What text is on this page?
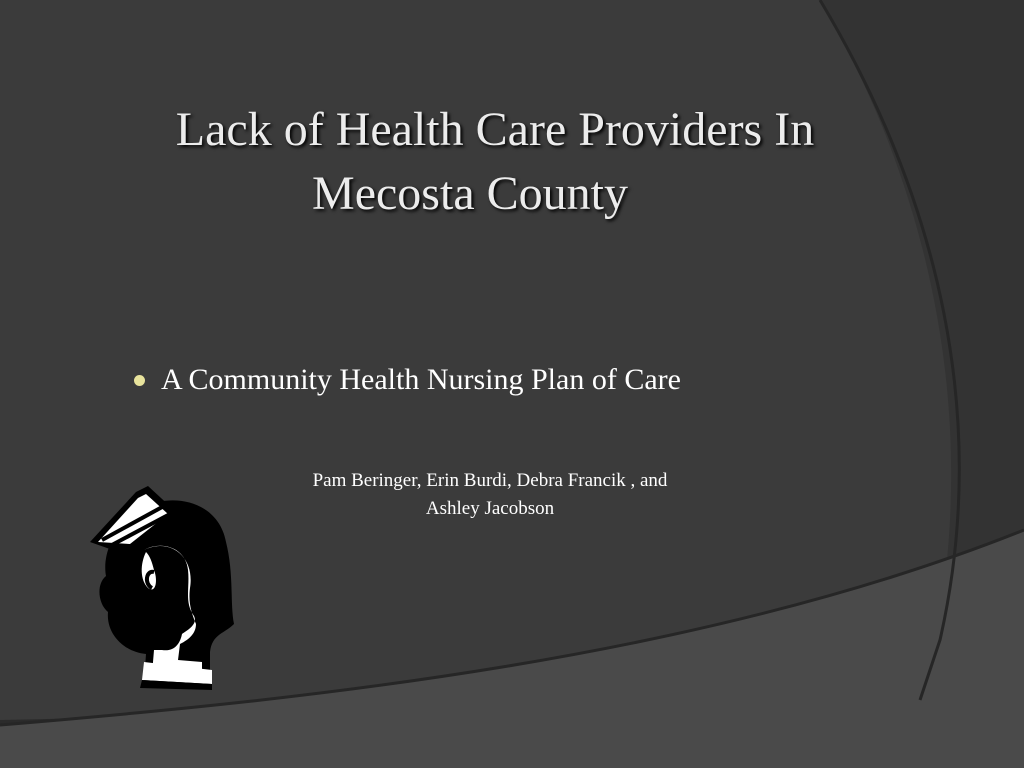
Lack of Health Care Providers In
Mecosta County
A Community Health Nursing Plan of Care
Pam Beringer, Erin Burdi, Debra Francik , and
Ashley Jacobson
